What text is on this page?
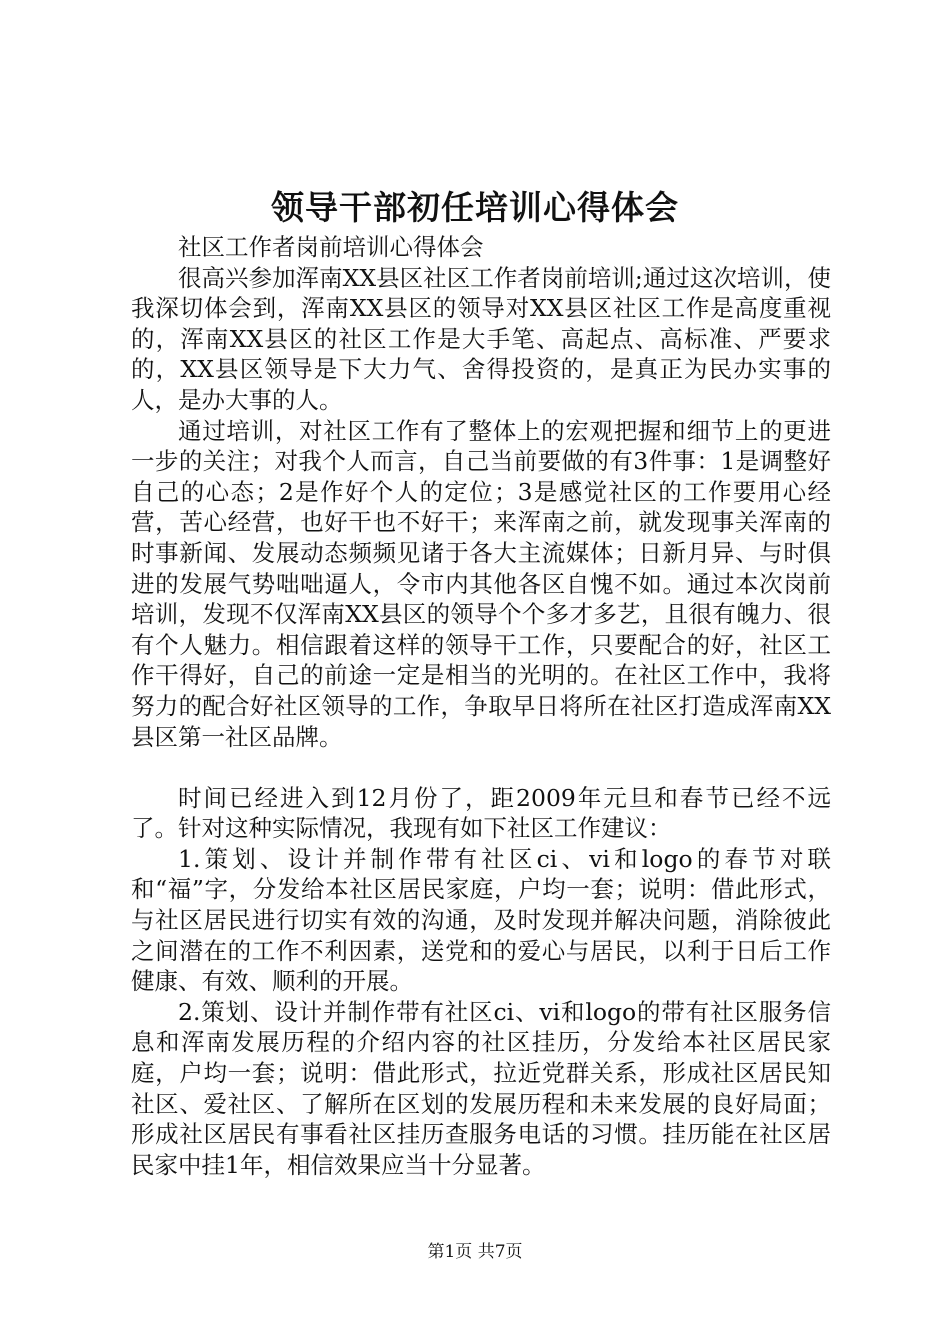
领导干部初任培训心得体会

社区工作者岗前培训心得体会

很高兴参加浑南XX县区社区工作者岗前培训;通过这次培训，使我深切体会到，浑南XX县区的领导对XX县区社区工作是高度重视的，浑南XX县区的社区工作是大手笔、高起点、高标准、严要求的，XX县区领导是下大力气、舍得投资的，是真正为民办实事的人，是办大事的人。

通过培训，对社区工作有了整体上的宏观把握和细节上的更进一步的关注；对我个人而言，自己当前要做的有3件事：1是调整好自己的心态；2是作好个人的定位；3是感觉社区的工作要用心经营，苦心经营，也好干也不好干；来浑南之前，就发现事关浑南的时事新闻、发展动态频频见诸于各大主流媒体；日新月异、与时俱进的发展气势咄咄逼人，令市内其他各区自愧不如。通过本次岗前培训，发现不仅浑南XX县区的领导个个多才多艺，且很有魄力、很有个人魅力。相信跟着这样的领导干工作，只要配合的好，社区工作干得好，自己的前途一定是相当的光明的。在社区工作中，我将努力的配合好社区领导的工作，争取早日将所在社区打造成浑南XX县区第一社区品牌。

时间已经进入到12月份了，距2009年元旦和春节已经不远了。针对这种实际情况，我现有如下社区工作建议：

1.策划、设计并制作带有社区ci、vi和logo的春节对联和“福”字，分发给本社区居民家庭，户均一套；说明：借此形式，与社区居民进行切实有效的沟通，及时发现并解决问题，消除彼此之间潜在的工作不利因素，送党和的爱心与居民，以利于日后工作健康、有效、顺利的开展。

2.策划、设计并制作带有社区ci、vi和logo的带有社区服务信息和浑南发展历程的介绍内容的社区挂历，分发给本社区居民家庭，户均一套；说明：借此形式，拉近党群关系，形成社区居民知社区、爱社区、了解所在区划的发展历程和未来发展的良好局面；形成社区居民有事看社区挂历查服务电话的习惯。挂历能在社区居民家中挂1年，相信效果应当十分显著。

第1页 共7页
